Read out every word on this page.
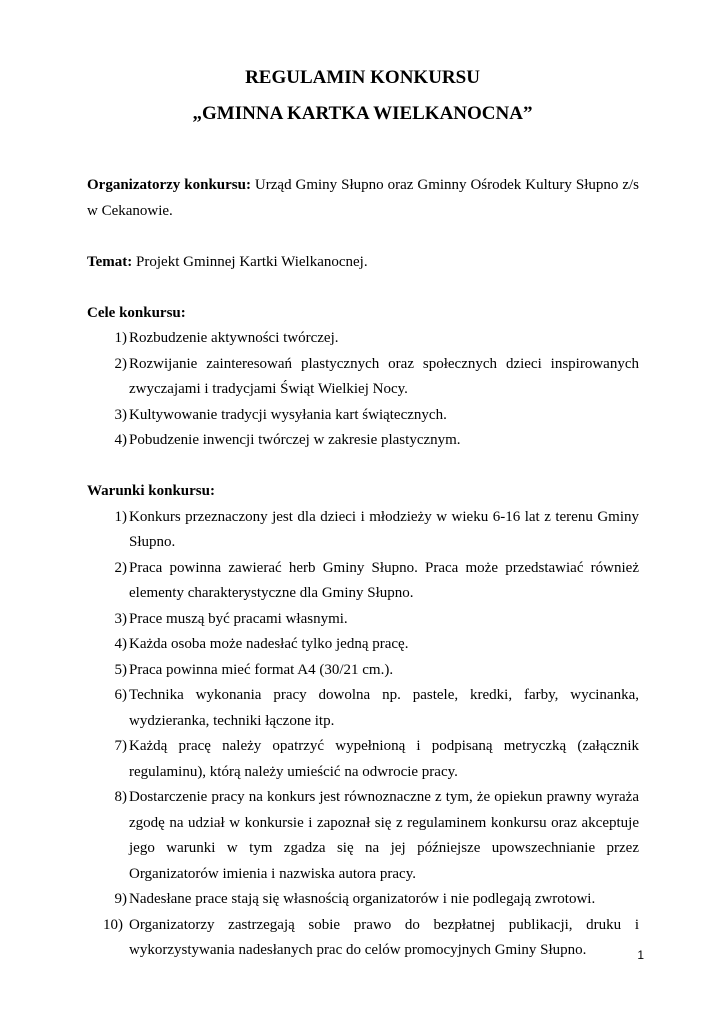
REGULAMIN KONKURSU
„GMINNA KARTKA WIELKANOCNA”

Organizatorzy konkursu: Urząd Gminy Słupno oraz Gminny Ośrodek Kultury Słupno z/s w Cekanowie.

Temat: Projekt Gminnej Kartki Wielkanocnej.

Cele konkursu:

1) Rozbudzenie aktywności twórczej.
2) Rozwijanie zainteresowań plastycznych oraz społecznych dzieci inspirowanych zwyczajami i tradycjami Świąt Wielkiej Nocy.
3) Kultywowanie tradycji wysyłania kart świątecznych.
4) Pobudzenie inwencji twórczej w zakresie plastycznym.

Warunki konkursu:

1) Konkurs przeznaczony jest dla dzieci i młodzieży w wieku 6-16 lat z terenu Gminy Słupno.
2) Praca powinna zawierać herb Gminy Słupno. Praca może przedstawiać również elementy charakterystyczne dla Gminy Słupno.
3) Prace muszą być pracami własnymi.
4) Każda osoba może nadesłać tylko jedną pracę.
5) Praca powinna mieć format A4 (30/21 cm.).
6) Technika wykonania pracy dowolna np. pastele, kredki, farby, wycinanka, wydzieranka, techniki łączone itp.
7) Każdą pracę należy opatrzyć wypełnioną i podpisaną metryczką (załącznik regulaminu), którą należy umieścić na odwrocie pracy.
8) Dostarczenie pracy na konkurs jest równoznaczne z tym, że opiekun prawny wyraża zgodę na udział w konkursie i zapoznał się z regulaminem konkursu oraz akceptuje jego warunki w tym zgadza się na jej późniejsze upowszechnianie przez Organizatorów imienia i nazwiska autora pracy.
9) Nadesłane prace stają się własnością organizatorów i nie podlegają zwrotowi.
10) Organizatorzy zastrzegają sobie prawo do bezpłatnej publikacji, druku i wykorzystywania nadesłanych prac do celów promocyjnych Gminy Słupno.	1
